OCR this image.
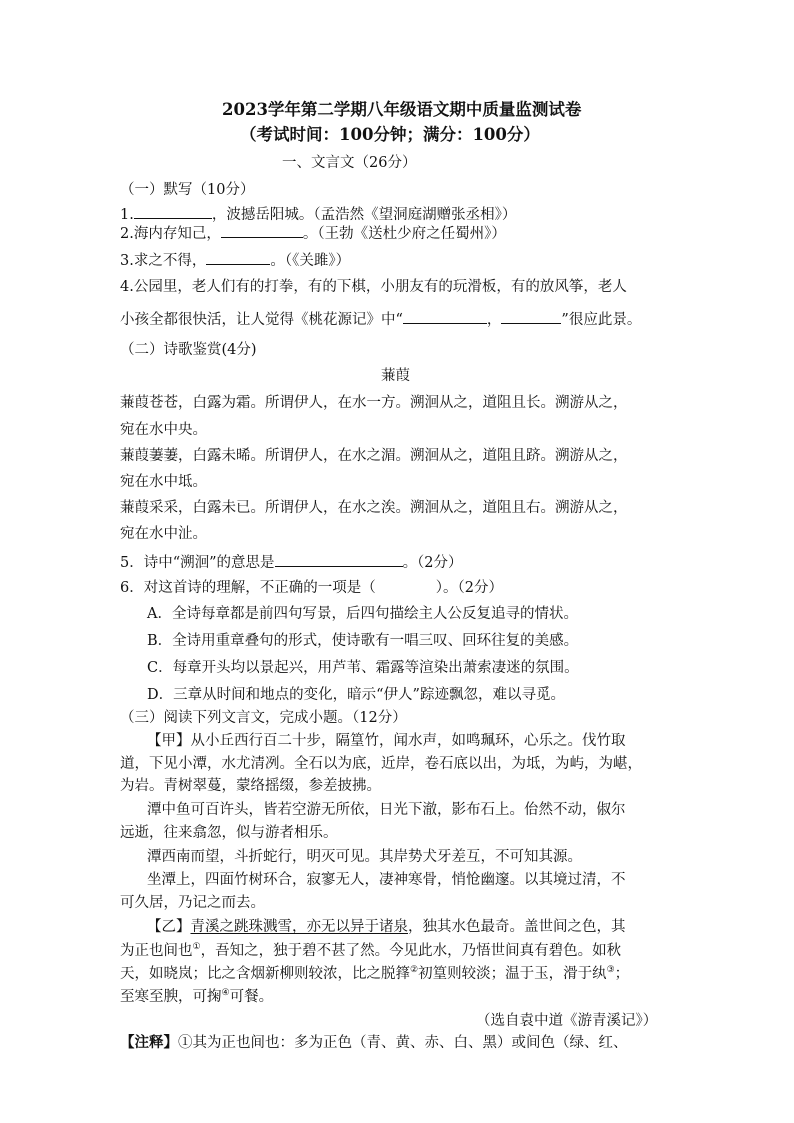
2023学年第二学期八年级语文期中质量监测试卷
（考试时间：100分钟；满分：100分）
一、文言文（26分）
（一）默写（10分）
1.	，波撼岳阳城。（孟浩然《望洞庭湖赠张丞相》）
2.海内存知己，	。（王勃《送杜少府之任蜀州》）
3.求之不得，	。（《关雎》）
4.公园里，老人们有的打拳，有的下棋，小朋友有的玩滑板，有的放风筝，老人
小孩全都很快活，让人觉得《桃花源记》中“	，	”很应此景。
（二）诗歌鉴赏(4分)
蒹葭
蒹葭苍苍，白露为霜。所谓伊人，在水一方。溯洄从之，道阻且长。溯游从之，
宛在水中央。
蒹葭萋萋，白露未晞。所谓伊人，在水之湄。溯洄从之，道阻且跻。溯游从之，
宛在水中坻。
蒹葭采采，白露未已。所谓伊人，在水之涘。溯洄从之，道阻且右。溯游从之，
宛在水中沚。
5．诗中“溯洄”的意思是	。（2分）
6．对这首诗的理解，不正确的一项是（	）。（2分）
A．全诗每章都是前四句写景，后四句描绘主人公反复追寻的情状。
B．全诗用重章叠句的形式，使诗歌有一唱三叹、回环往复的美感。
C．每章开头均以景起兴，用芦苇、霜露等渲染出萧索凄迷的氛围。
D．三章从时间和地点的变化，暗示“伊人”踪迹飘忽，难以寻觅。
（三）阅读下列文言文，完成小题。（12分）
【甲】从小丘西行百二十步，隔篁竹，闻水声，如鸣珮环，心乐之。伐竹取
道，下见小潭，水尤清冽。全石以为底，近岸，卷石底以出，为坻，为屿，为嵁，
为岩。青树翠蔓，蒙络摇缀，参差披拂。
潭中鱼可百许头，皆若空游无所依，日光下澈，影布石上。佁然不动，俶尔
远逝，往来翕忽，似与游者相乐。
潭西南而望，斗折蛇行，明灭可见。其岸势犬牙差互，不可知其源。
坐潭上，四面竹树环合，寂寥无人，凄神寒骨，悄怆幽邃。以其境过清，不
可久居，乃记之而去。
【乙】青溪之跳珠溅雪，亦无以异于诸泉，独其水色最奇。盖世间之色，其
为正也间也①，吾知之，独于碧不甚了然。今见此水，乃悟世间真有碧色。如秋
天，如晓岚；比之含烟新柳则较浓，比之脱箨②初篁则较淡；温于玉，滑于纨③；
至寒至腴，可掬④可餐。
（选自袁中道《游青溪记》）
【注释】①其为正也间也：多为正色（青、黄、赤、白、黑）或间色（绿、红、
